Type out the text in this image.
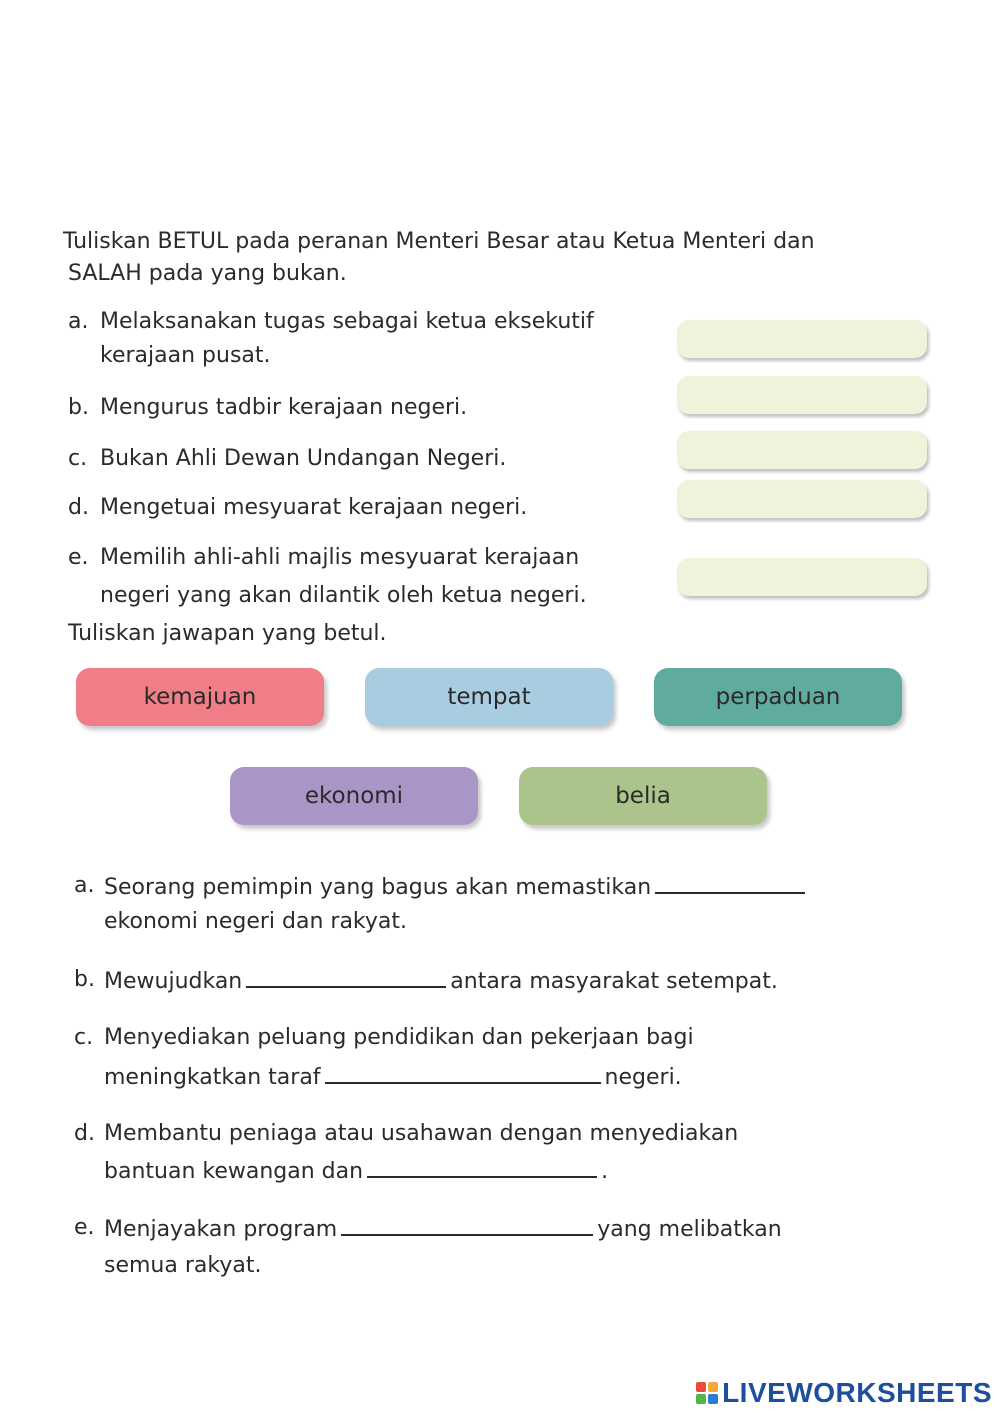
Tuliskan BETUL pada peranan Menteri Besar atau Ketua Menteri dan
SALAH pada yang bukan.
a. Melaksanakan tugas sebagai ketua eksekutif
kerajaan pusat.
b. Mengurus tadbir kerajaan negeri.
c. Bukan Ahli Dewan Undangan Negeri.
d. Mengetuai mesyuarat kerajaan negeri.
e. Memilih ahli-ahli majlis mesyuarat kerajaan
negeri yang akan dilantik oleh ketua negeri.
Tuliskan jawapan yang betul.
kemajuan	tempat	perpaduan
ekonomi	belia
a. Seorang pemimpin yang bagus akan memastikan
ekonomi negeri dan rakyat.
b. Mewujudkan	antara masyarakat setempat.
c. Menyediakan peluang pendidikan dan pekerjaan bagi
meningkatkan taraf	negeri.
d. Membantu peniaga atau usahawan dengan menyediakan
bantuan kewangan dan	.
e. Menjayakan program	yang melibatkan
semua rakyat.
LIVEWORKSHEETS
